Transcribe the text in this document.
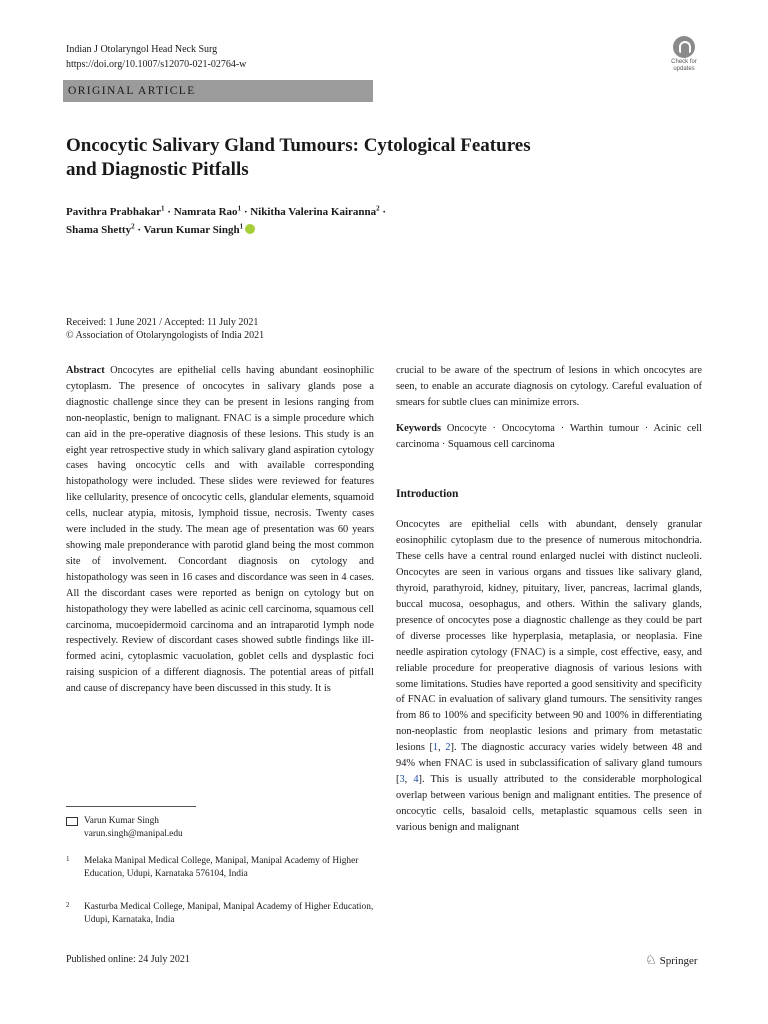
Indian J Otolaryngol Head Neck Surg
https://doi.org/10.1007/s12070-021-02764-w	Check for
updates
ORIGINAL ARTICLE
Oncocytic Salivary Gland Tumours: Cytological Features
and Diagnostic Pitfalls
Pavithra Prabhakar$^1$ · Namrata Rao$^1$ · Nikitha Valerina Kairanna$^2$ ·
Shama Shetty$^2$ · Varun Kumar Singh$^1$
Received: 1 June 2021 / Accepted: 11 July 2021
© Association of Otolaryngologists of India 2021

Abstract Oncocytes are epithelial cells having abundant eosinophilic cytoplasm. The presence of oncocytes in salivary glands pose a diagnostic challenge since they can be present in lesions ranging from non-neoplastic, benign to malignant. FNAC is a simple procedure which can aid in the pre-operative diagnosis of these lesions. This study is an eight year retrospective study in which salivary gland aspiration cytology cases having oncocytic cells and with available corresponding histopathology were included. These slides were reviewed for features like cellularity, presence of oncocytic cells, glandular elements, squamoid cells, nuclear atypia, mitosis, lymphoid tissue, necrosis. Twenty cases were included in the study. The mean age of presentation was 60 years showing male preponderance with parotid gland being the most common site of involvement. Concordant diagnosis on cytology and histopathology was seen in 16 cases and discordance was seen in 4 cases. All the discordant cases were reported as benign on cytology but on histopathology they were labelled as acinic cell carcinoma, squamous cell carcinoma, mucoepidermoid carcinoma and an intraparotid lymph node respectively. Review of discordant cases showed subtle findings like ill-formed acini, cytoplasmic vacuolation, goblet cells and dysplastic foci raising suspicion of a different diagnosis. The potential areas of pitfall and cause of discrepancy have been discussed in this study. It is

crucial to be aware of the spectrum of lesions in which oncocytes are seen, to enable an accurate diagnosis on cytology. Careful evaluation of smears for subtle clues can minimize errors.

Keywords Oncocyte · Oncocytoma · Warthin tumour · Acinic cell carcinoma · Squamous cell carcinoma

Introduction

Oncocytes are epithelial cells with abundant, densely granular eosinophilic cytoplasm due to the presence of numerous mitochondria. These cells have a central round enlarged nuclei with distinct nucleoli. Oncocytes are seen in various organs and tissues like salivary gland, thyroid, parathyroid, kidney, pituitary, liver, pancreas, lacrimal glands, buccal mucosa, oesophagus, and others. Within the salivary glands, presence of oncocytes pose a diagnostic challenge as they could be part of diverse processes like hyperplasia, metaplasia, or neoplasia. Fine needle aspiration cytology (FNAC) is a simple, cost effective, easy, and reliable procedure for preoperative diagnosis of various lesions with some limitations. Studies have reported a good sensitivity and specificity of FNAC in evaluation of salivary gland tumours. The sensitivity ranges from 86 to 100% and specificity between 90 and 100% in differentiating non-neoplastic from neoplastic lesions and primary from metastatic lesions [1, 2]. The diagnostic accuracy varies widely between 48 and 94% when FNAC is used in subclassification of salivary gland tumours [3, 4]. This is usually attributed to the considerable morphological overlap between various benign and malignant entities. The presence of oncocytic cells, basaloid cells, metaplastic squamous cells seen in various benign and malignant

Varun Kumar Singh
varun.singh@manipal.edu
1 Melaka Manipal Medical College, Manipal, Manipal Academy of Higher Education, Udupi, Karnataka 576104, India
2 Kasturba Medical College, Manipal, Manipal Academy of Higher Education, Udupi, Karnataka, India
Published online: 24 July 2021	♘ Springer
